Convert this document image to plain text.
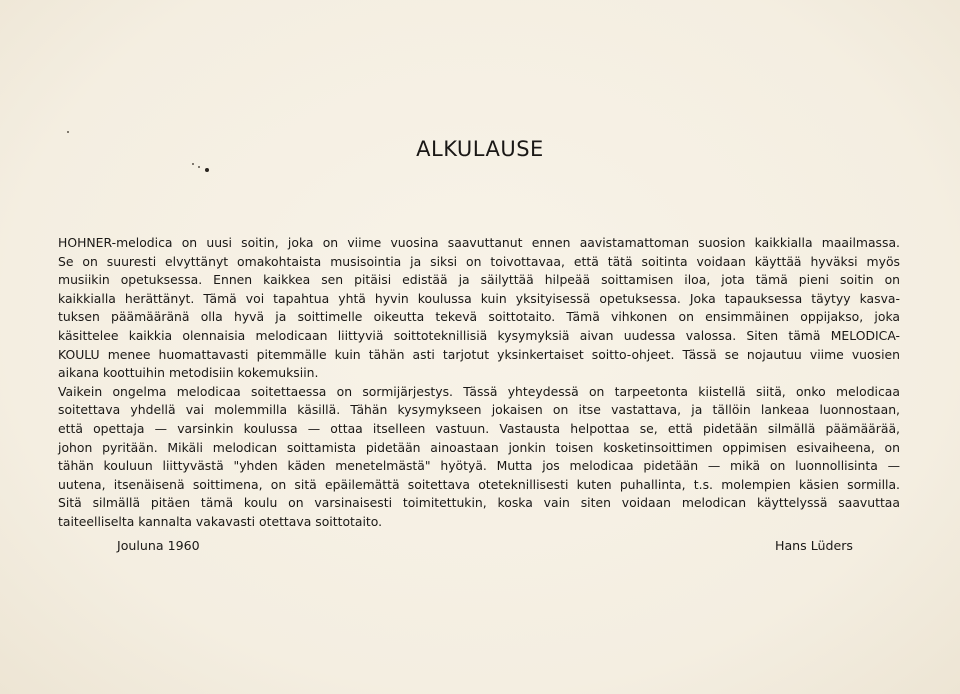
ALKULAUSE
HOHNER-melodica on uusi soitin, joka on viime vuosina saavuttanut ennen aavistamattoman suosion kaikkialla maailmassa.
Se on suuresti elvyttänyt omakohtaista musisointia ja siksi on toivottavaa, että tätä soitinta voidaan käyttää hyväksi myös
musiikin opetuksessa. Ennen kaikkea sen pitäisi edistää ja säilyttää hilpeää soittamisen iloa, jota tämä pieni soitin on
kaikkialla herättänyt. Tämä voi tapahtua yhtä hyvin koulussa kuin yksityisessä opetuksessa. Joka tapauksessa täytyy kasva-
tuksen päämääränä olla hyvä ja soittimelle oikeutta tekevä soittotaito. Tämä vihkonen on ensimmäinen oppijakso, joka
käsittelee kaikkia olennaisia melodicaan liittyviä soittoteknillisiä kysymyksiä aivan uudessa valossa. Siten tämä MELODICA-
KOULU menee huomattavasti pitemmälle kuin tähän asti tarjotut yksinkertaiset soitto-ohjeet. Tässä se nojautuu viime vuosien
aikana koottuihin metodisiin kokemuksiin.
Vaikein ongelma melodicaa soitettaessa on sormijärjestys. Tässä yhteydessä on tarpeetonta kiistellä siitä, onko melodicaa
soitettava yhdellä vai molemmilla käsillä. Tähän kysymykseen jokaisen on itse vastattava, ja tällöin lankeaa luonnostaan,
että opettaja — varsinkin koulussa — ottaa itselleen vastuun. Vastausta helpottaa se, että pidetään silmällä päämäärää,
johon pyritään. Mikäli melodican soittamista pidetään ainoastaan jonkin toisen kosketinsoittimen oppimisen esivaiheena, on
tähän kouluun liittyvästä "yhden käden menetelmästä" hyötyä. Mutta jos melodicaa pidetään — mikä on luonnollisinta —
uutena, itsenäisenä soittimena, on sitä epäilemättä soitettava oteteknillisesti kuten puhallinta, t.s. molempien käsien sormilla.
Sitä silmällä pitäen tämä koulu on varsinaisesti toimitettukin, koska vain siten voidaan melodican käyttelyssä saavuttaa
taiteelliselta kannalta vakavasti otettava soittotaito.
Jouluna 1960	Hans Lüders
